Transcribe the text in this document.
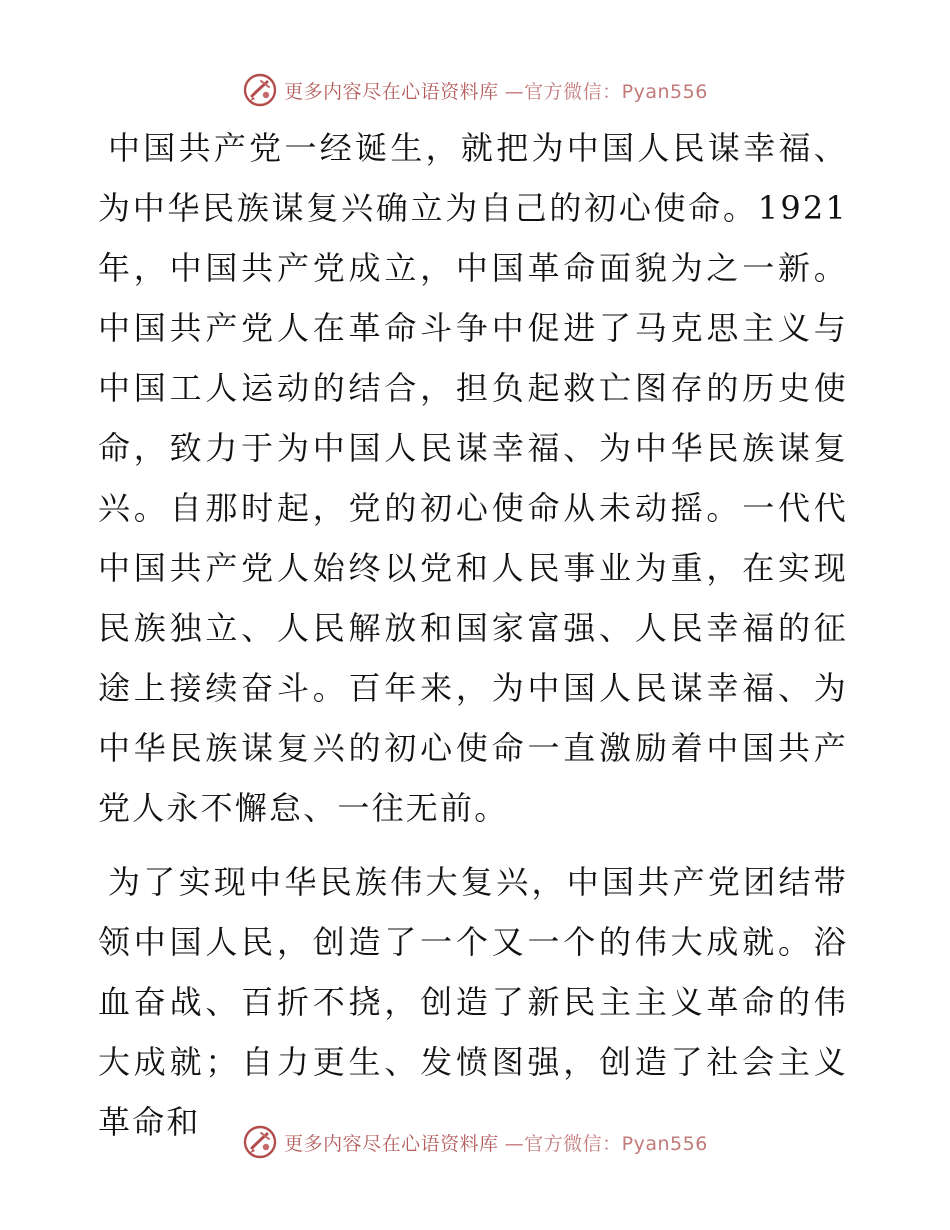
更多内容尽在心语资料库 —官方微信：Pyan556

中国共产党一经诞生，就把为中国人民谋幸福、为中华民族谋复兴确立为自己的初心使命。1921年，中国共产党成立，中国革命面貌为之一新。中国共产党人在革命斗争中促进了马克思主义与中国工人运动的结合，担负起救亡图存的历史使命，致力于为中国人民谋幸福、为中华民族谋复兴。自那时起，党的初心使命从未动摇。一代代中国共产党人始终以党和人民事业为重，在实现民族独立、人民解放和国家富强、人民幸福的征途上接续奋斗。百年来，为中国人民谋幸福、为中华民族谋复兴的初心使命一直激励着中国共产党人永不懈怠、一往无前。

为了实现中华民族伟大复兴，中国共产党团结带领中国人民，创造了一个又一个的伟大成就。浴血奋战、百折不挠，创造了新民主主义革命的伟大成就；自力更生、发愤图强，创造了社会主义革命和

更多内容尽在心语资料库 —官方微信：Pyan556
